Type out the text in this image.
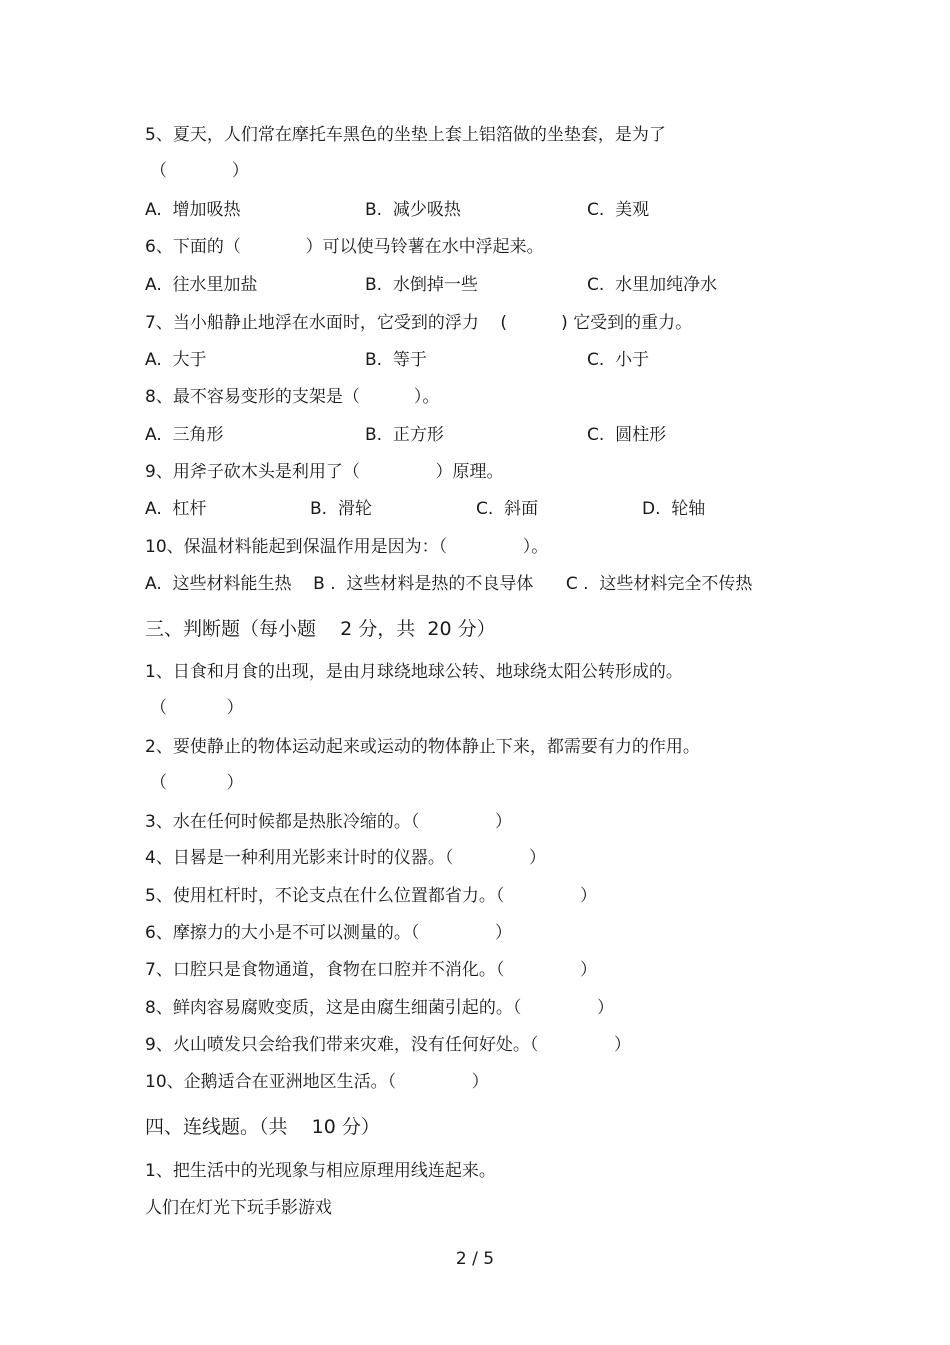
5、夏天，人们常在摩托车黑色的坐垫上套上铝箔做的坐垫套，是为了
（            ）
A.  增加吸热	B.  减少吸热	C.  美观
6、下面的（            ）可以使马铃薯在水中浮起来。
A.  往水里加盐	B.  水倒掉一些	C.  水里加纯净水
7、当小船静止地浮在水面时，它受到的浮力    (          ) 它受到的重力。
A.  大于	B.  等于	C.  小于
8、最不容易变形的支架是（          ）。
A.  三角形	B.  正方形	C.  圆柱形
9、用斧子砍木头是利用了（              ）原理。
A.  杠杆	B.  滑轮	C.  斜面	D.  轮轴
10、保温材料能起到保温作用是因为：（              ）。
A.  这些材料能生热    B .  这些材料是热的不良导体      C .  这些材料完全不传热
三、判断题（每小题    2 分，共  20 分）
1、日食和月食的出现，是由月球绕地球公转、地球绕太阳公转形成的。
（           ）
2、要使静止的物体运动起来或运动的物体静止下来，都需要有力的作用。
（           ）
3、水在任何时候都是热胀冷缩的。（              ）
4、日晷是一种利用光影来计时的仪器。（              ）
5、使用杠杆时，不论支点在什么位置都省力。（              ）
6、摩擦力的大小是不可以测量的。（              ）
7、口腔只是食物通道，食物在口腔并不消化。（              ）
8、鲜肉容易腐败变质，这是由腐生细菌引起的。（              ）
9、火山喷发只会给我们带来灾难，没有任何好处。（              ）
10、企鹅适合在亚洲地区生活。（              ）
四、连线题。（共    10 分）
1、把生活中的光现象与相应原理用线连起来。
人们在灯光下玩手影游戏
2 / 5
